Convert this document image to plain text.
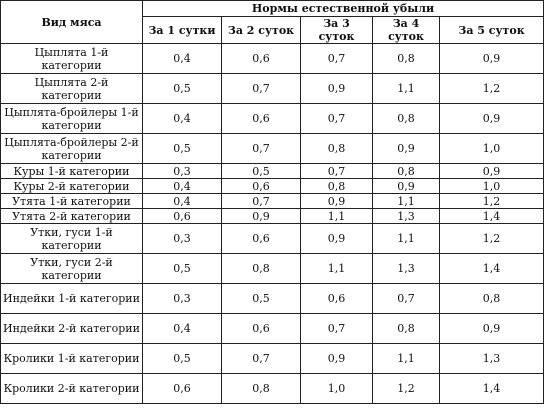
Вид мяса	Нормы естественной убыли				
	За 1 сутки	За 2 суток	За 3 суток	За 4 суток	За 5 суток
Цыплята 1-й категории	0,4	0,6	0,7	0,8	0,9
Цыплята 2-й категории	0,5	0,7	0,9	1,1	1,2
Цыплята-бройлеры 1-й категории	0,4	0,6	0,7	0,8	0,9
Цыплята-бройлеры 2-й категории	0,5	0,7	0,8	0,9	1,0
Куры 1-й категории	0,3	0,5	0,7	0,8	0,9
Куры 2-й категории	0,4	0,6	0,8	0,9	1,0
Утята 1-й категории	0,4	0,7	0,9	1,1	1,2
Утята 2-й категории	0,6	0,9	1,1	1,3	1,4
Утки, гуси 1-й категории	0,3	0,6	0,9	1,1	1,2
Утки, гуси 2-й категории	0,5	0,8	1,1	1,3	1,4
Индейки 1-й категории	0,3	0,5	0,6	0,7	0,8
Индейки 2-й категории	0,4	0,6	0,7	0,8	0,9
Кролики 1-й категории	0,5	0,7	0,9	1,1	1,3
Кролики 2-й категории	0,6	0,8	1,0	1,2	1,4
